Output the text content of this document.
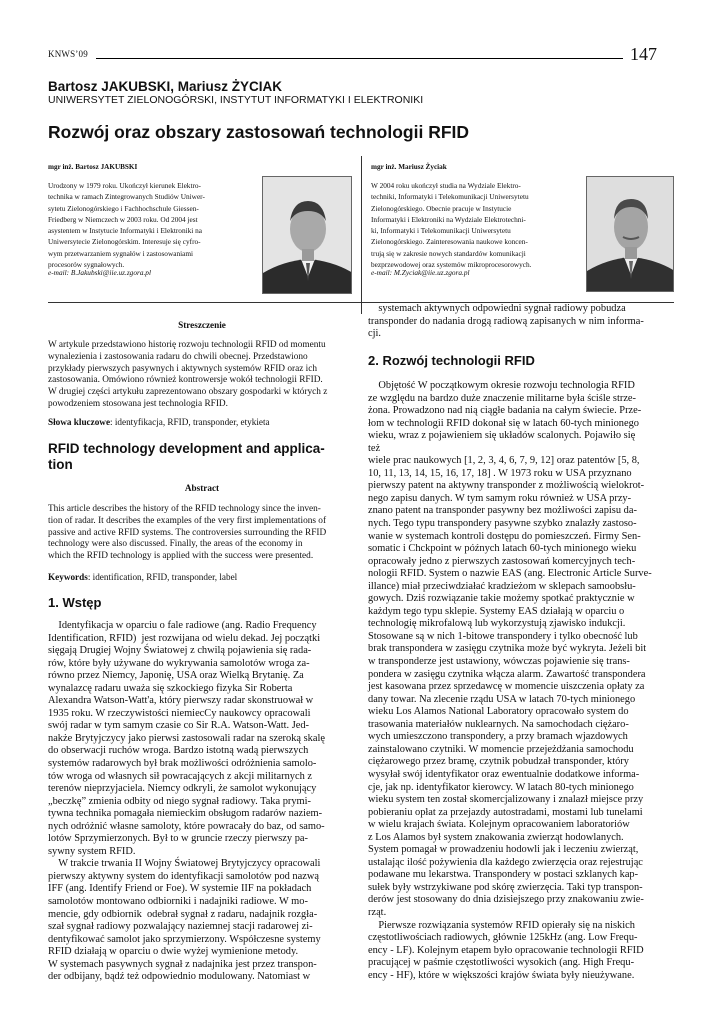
KNWS’09	147
Bartosz JAKUBSKI, Mariusz ŻYCIAK
UNIWERSYTET ZIELONOGÓRSKI, INSTYTUT INFORMATYKI I ELEKTRONIKI
Rozwój oraz obszary zastosowań technologii RFID
mgr inż. Bartosz JAKUBSKI
Urodzony w 1979 roku. Ukończył kierunek Elektro-
technika w ramach Zintegrowanych Studiów Uniwer-
sytetu Zielonogórskiego i Fachhochschule Giessen-
Friedberg w Niemczech w 2003 roku. Od 2004 jest
asystentem w Instytucie Informatyki i Elektroniki na
Uniwersytecie Zielonogórskim. Interesuje się cyfro-
wym przetwarzaniem sygnałów i zastosowaniami
procesorów sygnałowych.
e-mail: B.Jakubski@iie.uz.zgora.pl
mgr inż. Mariusz Życiak
W 2004 roku ukończył studia na Wydziale Elektro-
techniki, Informatyki i Telekomunikacji Uniwersytetu
Zielonogórskiego. Obecnie pracuje w Instytucie
Informatyki i Elektroniki na Wydziale Elektrotechni-
ki, Informatyki i Telekomunikacji Uniwersytetu
Zielonogórskiego. Zainteresowania naukowe koncen-
trują się w zakresie nowych standardów komunikacji
bezprzewodowej oraz systemów mikroprocesorowych.
e-mail: M.Zyciak@iie.uz.zgora.pl
Streszczenie
W artykule przedstawiono historię rozwoju technologii RFID od momentu
wynalezienia i zastosowania radaru do chwili obecnej. Przedstawiono
przykłady pierwszych pasywnych i aktywnych systemów RFID oraz ich
zastosowania. Omówiono również kontrowersje wokół technologii RFID.
W drugiej części artykułu zaprezentowano obszary gospodarki w których z
powodzeniem stosowana jest technologia RFID.
Słowa kluczowe: identyfikacja, RFID, transponder, etykieta
RFID technology development and applica-
tion
Abstract
This article describes the history of the RFID technology since the inven-
tion of radar. It describes the examples of the very first implementations of
passive and active RFID systems. The controversies surrounding the RFID
technology were also discussed. Finally, the areas of the economy in
which the RFID technology is applied with the success were presented.
Keywords: identification, RFID, transponder, label
1. Wstęp
Identyfikacja w oparciu o fale radiowe (ang. Radio Frequency
Identification, RFID)  jest rozwijana od wielu dekad. Jej początki
sięgają Drugiej Wojny Światowej z chwilą pojawienia się rada-
rów, które były używane do wykrywania samolotów wroga za-
równo przez Niemcy, Japonię, USA oraz Wielką Brytanię. Za
wynalazcę radaru uważa się szkockiego fizyka Sir Roberta
Alexandra Watson-Watt'a, który pierwszy radar skonstruował w
1935 roku. W rzeczywistości niemiecCy naukowcy opracowali
swój radar w tym samym czasie co Sir R.A. Watson-Watt. Jed-
nakże Brytyjczycy jako pierwsi zastosowali radar na szeroką skalę
do obserwacji ruchów wroga. Bardzo istotną wadą pierwszych
systemów radarowych był brak możliwości odróżnienia samolo-
tów wroga od własnych sił powracających z akcji militarnych z
terenów nieprzyjaciela. Niemcy odkryli, że samolot wykonujący
„beczkę” zmienia odbity od niego sygnał radiowy. Taka prymi-
tywna technika pomagała niemieckim obsługom radarów naziem-
nych odróżnić własne samoloty, które powracały do baz, od samo-
lotów Sprzymierzonych. Był to w gruncie rzeczy pierwszy pa-
sywny system RFID.
W trakcie trwania II Wojny Światowej Brytyjczycy opracowali
pierwszy aktywny system do identyfikacji samolotów pod nazwą
IFF (ang. Identify Friend or Foe). W systemie IIF na pokładach
samolotów montowano odbiorniki i nadajniki radiowe. W mo-
mencie, gdy odbiornik  odebrał sygnał z radaru, nadajnik rozgła-
szał sygnał radiowy pozwalający naziemnej stacji radarowej zi-
dentyfikować samolot jako sprzymierzony. Współczesne systemy
RFID działają w oparciu o dwie wyżej wymienione metody.
W systemach pasywnych sygnał z nadajnika jest przez transpon-
der odbijany, bądź też odpowiednio modulowany. Natomiast w
systemach aktywnych odpowiedni sygnał radiowy pobudza
transponder do nadania drogą radiową zapisanych w nim informa-
cji.
2. Rozwój technologii RFID
Objętość W początkowym okresie rozwoju technologia RFID
ze względu na bardzo duże znaczenie militarne była ściśle strze-
żona. Prowadzono nad nią ciągłe badania na całym świecie. Prze-
łom w technologii RFID dokonał się w latach 60-tych minionego
wieku, wraz z pojawieniem się układów scalonych. Pojawiło się
też
wiele prac naukowych [1, 2, 3, 4, 6, 7, 9, 12] oraz patentów [5, 8,
10, 11, 13, 14, 15, 16, 17, 18] . W 1973 roku w USA przyznano
pierwszy patent na aktywny transponder z możliwością wielokrot-
nego zapisu danych. W tym samym roku również w USA przy-
znano patent na transponder pasywny bez możliwości zapisu da-
nych. Tego typu transpondery pasywne szybko znalazły zastoso-
wanie w systemach kontroli dostępu do pomieszczeń. Firmy Sen-
somatic i Chckpoint w późnych latach 60-tych minionego wieku
opracowały jedno z pierwszych zastosowań komercyjnych tech-
nologii RFID. System o nazwie EAS (ang. Electronic Article Surve-
illance) miał przeciwdziałać kradzieżom w sklepach samoobsłu-
gowych. Dziś rozwiązanie takie możemy spotkać praktycznie w
każdym tego typu sklepie. Systemy EAS działają w oparciu o
technologię mikrofalową lub wykorzystują zjawisko indukcji.
Stosowane są w nich 1-bitowe transpondery i tylko obecność lub
brak transpondera w zasięgu czytnika może być wykryta. Jeżeli bit
w transponderze jest ustawiony, wówczas pojawienie się trans-
pondera w zasięgu czytnika włącza alarm. Zawartość transpondera
jest kasowana przez sprzedawcę w momencie uiszczenia opłaty za
dany towar. Na zlecenie rządu USA w latach 70-tych minionego
wieku Los Alamos National Laboratory opracowało system do
trasowania materiałów nuklearnych. Na samochodach ciężaro-
wych umieszczono transpondery, a przy bramach wjazdowych
zainstalowano czytniki. W momencie przejeżdżania samochodu
ciężarowego przez bramę, czytnik pobudzał transponder, który
wysyłał swój identyfikator oraz ewentualnie dodatkowe informa-
cje, jak np. identyfikator kierowcy. W latach 80-tych minionego
wieku system ten został skomercjalizowany i znalazł miejsce przy
pobieraniu opłat za przejazdy autostradami, mostami lub tunelami
w wielu krajach świata. Kolejnym opracowaniem laboratoriów
z Los Alamos był system znakowania zwierząt hodowlanych.
System pomagał w prowadzeniu hodowli jak i leczeniu zwierząt,
ustalając ilość pożywienia dla każdego zwierzęcia oraz rejestrując
podawane mu lekarstwa. Transpondery w postaci szklanych kap-
sułek były wstrzykiwane pod skórę zwierzęcia. Taki typ transpon-
derów jest stosowany do dnia dzisiejszego przy znakowaniu zwie-
rząt.
Pierwsze rozwiązania systemów RFID opierały się na niskich
częstotliwościach radiowych, głównie 125kHz (ang. Low Frequ-
ency - LF). Kolejnym etapem było opracowanie technologii RFID
pracującej w paśmie częstotliwości wysokich (ang. High Frequ-
ency - HF), które w większości krajów świata były nieużywane.
